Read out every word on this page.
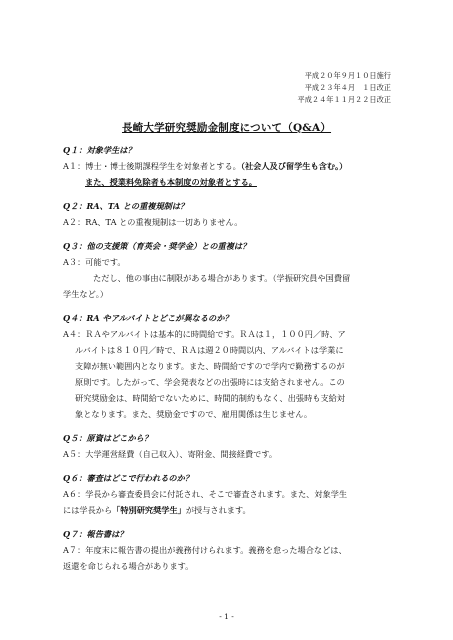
平成２０年９月１０日施行
平成２３年４月　１日改正
平成２４年１１月２２日改正
長崎大学研究奨励金制度について（Q&A）
Q１：対象学生は？
A１：博士・博士後期課程学生を対象者とする。（社会人及び留学生も含む。）
また、授業料免除者も本制度の対象者とする。
Q２：RA、TA との重複規制は？
A２：RA、TA との重複規制は一切ありません。
Q３：他の支援策（育英会・奨学金）との重複は？
A３：可能です。
ただし、他の事由に制限がある場合があります。（学振研究員や国費留
学生など。）
Q４：RA やアルバイトとどこが異なるのか？
A４：ＲＡやアルバイトは基本的に時間給です。ＲＡは１，１００円／時、ア
ルバイトは８１０円／時で、ＲＡは週２０時間以内、アルバイトは学業に
支障が無い範囲内となります。また、時間給ですので学内で勤務するのが
原則です。したがって、学会発表などの出張時には支給されません。この
研究奨励金は、時間給でないために、時間的制約もなく、出張時も支給対
象となります。また、奨励金ですので、雇用関係は生じません。
Q５：原資はどこから？
A５：大学運営経費（自己収入）、寄附金、間接経費です。
Q６：審査はどこで行われるのか？
A６：学長から審査委員会に付託され、そこで審査されます。また、対象学生
には学長から「特別研究奨学生」が授与されます。
Q７：報告書は？
A７：年度末に報告書の提出が義務付けられます。義務を怠った場合などは、
返還を命じられる場合があります。
- 1 -
